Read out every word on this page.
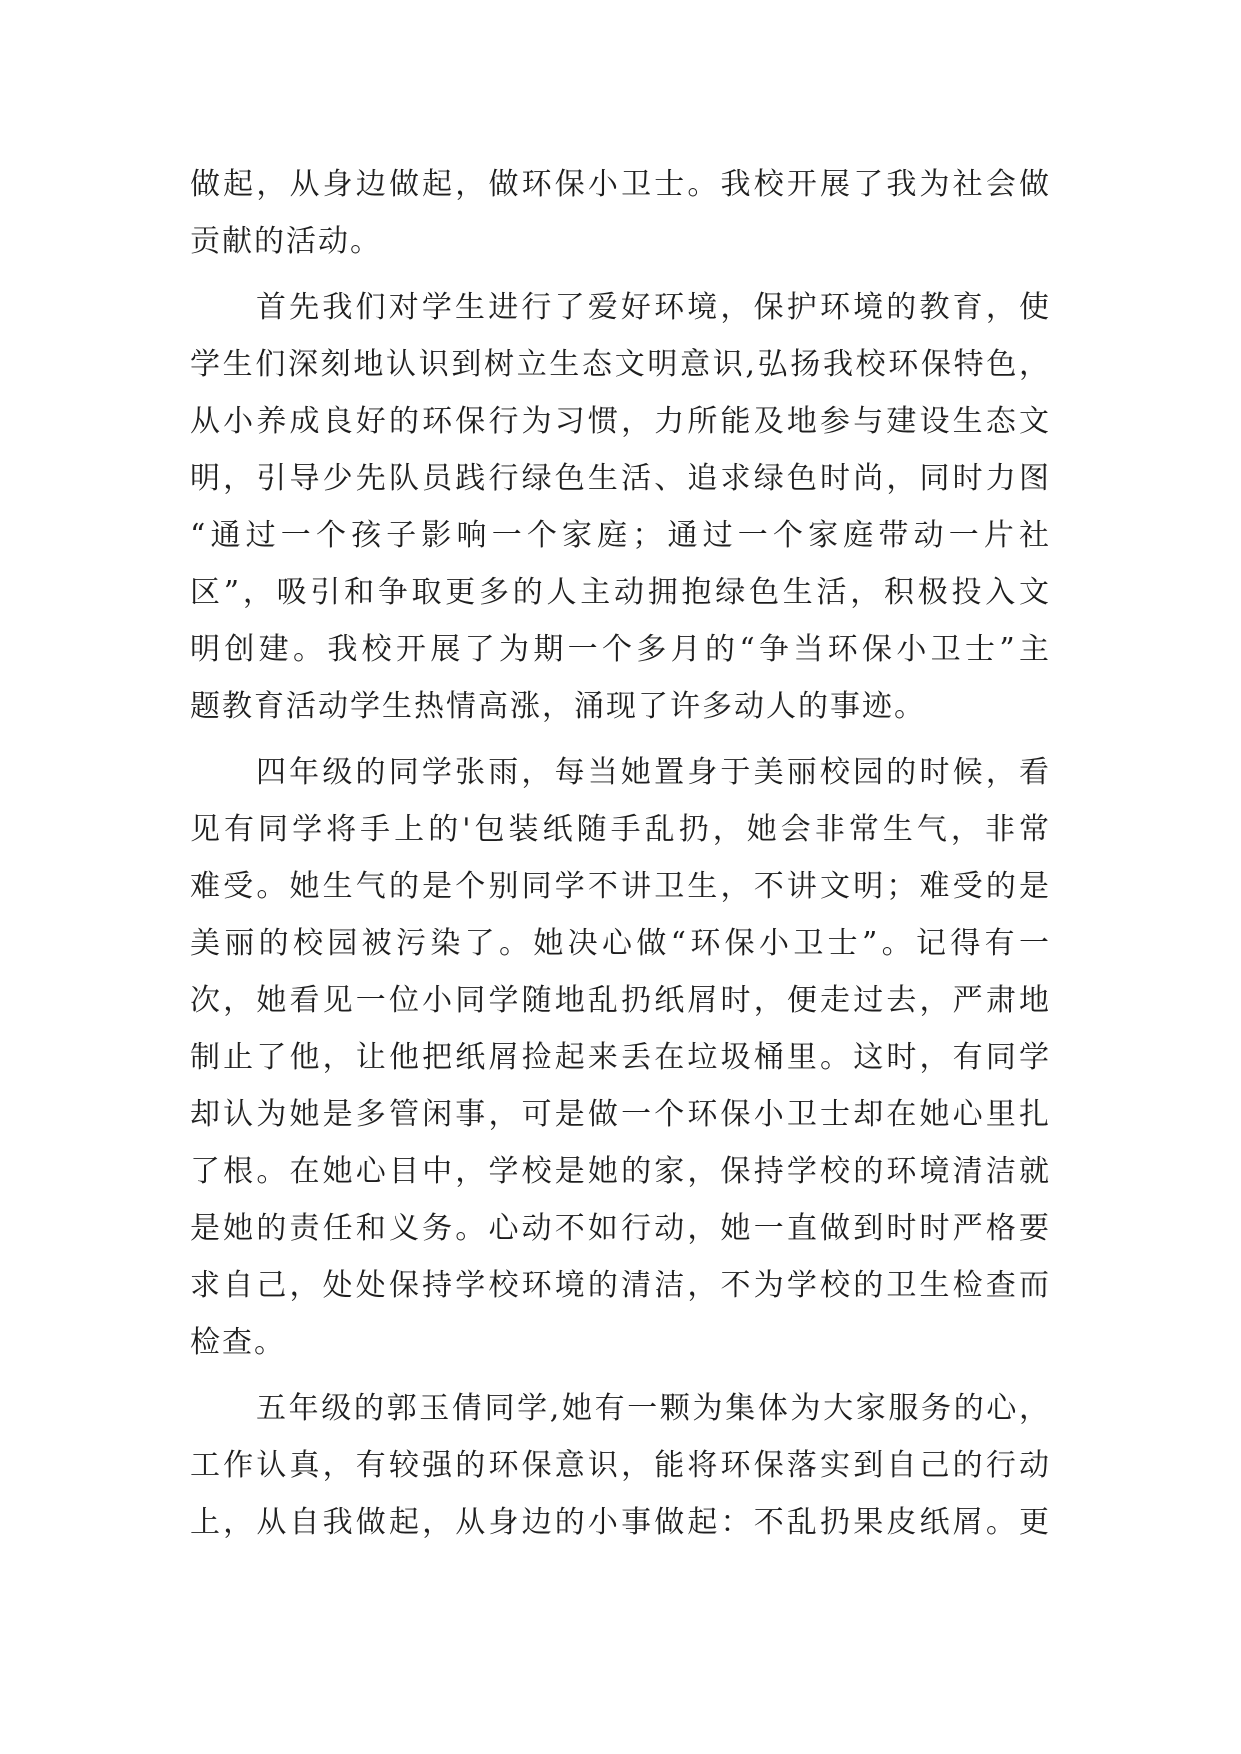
做起，从身边做起，做环保小卫士。我校开展了我为社会做
贡献的活动。
首先我们对学生进行了爱好环境，保护环境的教育，使
学生们深刻地认识到树立生态文明意识,弘扬我校环保特色，
从小养成良好的环保行为习惯，力所能及地参与建设生态文
明，引导少先队员践行绿色生活、追求绿色时尚，同时力图
“通过一个孩子影响一个家庭；通过一个家庭带动一片社
区”，吸引和争取更多的人主动拥抱绿色生活，积极投入文
明创建。我校开展了为期一个多月的“争当环保小卫士”主
题教育活动学生热情高涨，涌现了许多动人的事迹。
四年级的同学张雨，每当她置身于美丽校园的时候，看
见有同学将手上的'包装纸随手乱扔，她会非常生气，非常
难受。她生气的是个别同学不讲卫生，不讲文明；难受的是
美丽的校园被污染了。她决心做“环保小卫士”。记得有一
次，她看见一位小同学随地乱扔纸屑时，便走过去，严肃地
制止了他，让他把纸屑捡起来丢在垃圾桶里。这时，有同学
却认为她是多管闲事，可是做一个环保小卫士却在她心里扎
了根。在她心目中，学校是她的家，保持学校的环境清洁就
是她的责任和义务。心动不如行动，她一直做到时时严格要
求自己，处处保持学校环境的清洁，不为学校的卫生检查而
检查。
五年级的郭玉倩同学,她有一颗为集体为大家服务的心，
工作认真，有较强的环保意识，能将环保落实到自己的行动
上，从自我做起，从身边的小事做起：不乱扔果皮纸屑。更
